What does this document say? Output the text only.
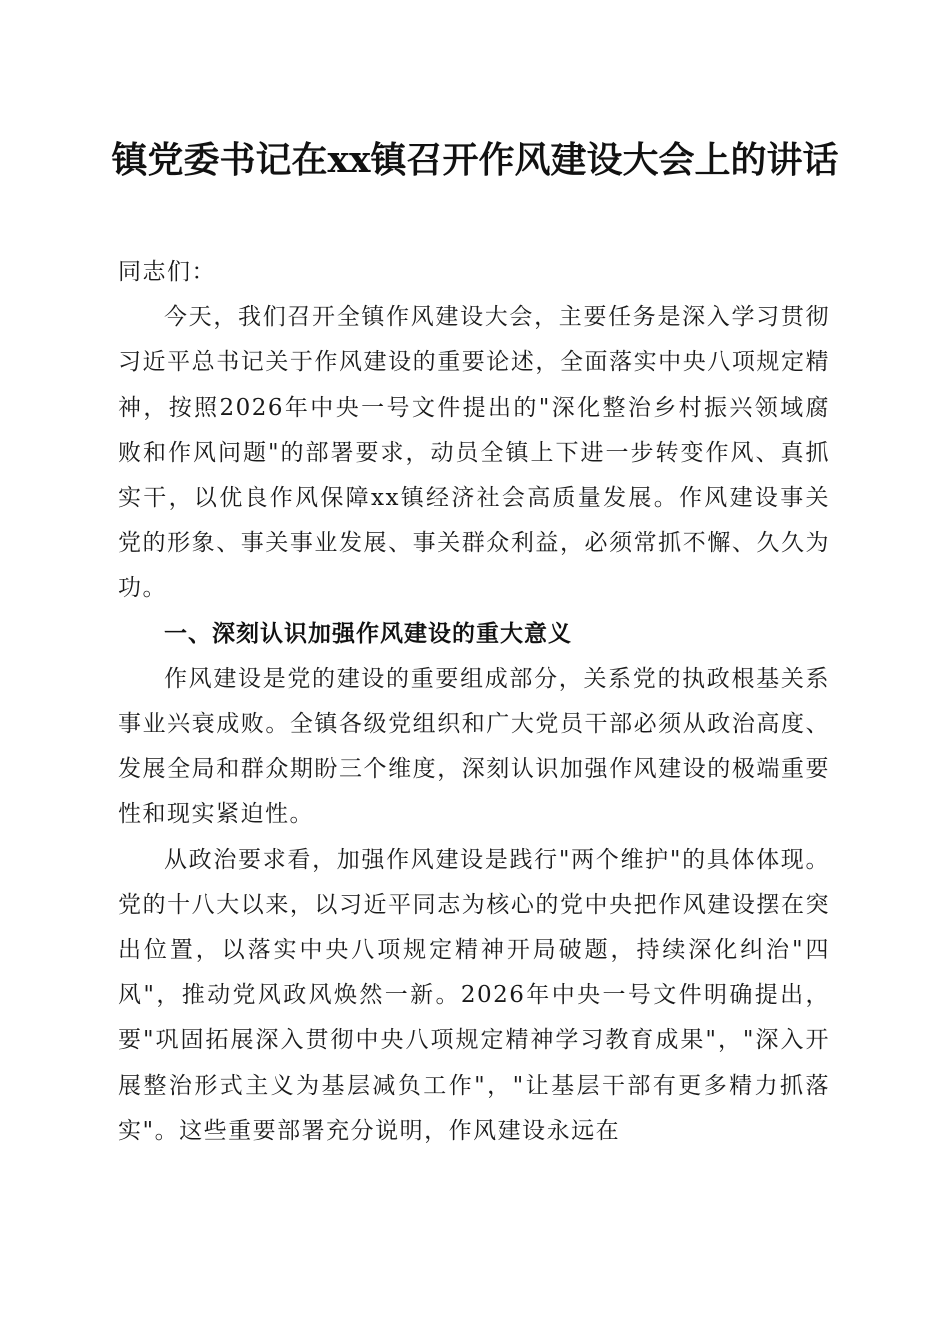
镇党委书记在xx镇召开作风建设大会上的讲话

同志们：

今天，我们召开全镇作风建设大会，主要任务是深入学习贯彻习近平总书记关于作风建设的重要论述，全面落实中央八项规定精神，按照2026年中央一号文件提出的"深化整治乡村振兴领域腐败和作风问题"的部署要求，动员全镇上下进一步转变作风、真抓实干，以优良作风保障xx镇经济社会高质量发展。作风建设事关党的形象、事关事业发展、事关群众利益，必须常抓不懈、久久为功。

一、深刻认识加强作风建设的重大意义

作风建设是党的建设的重要组成部分，关系党的执政根基关系事业兴衰成败。全镇各级党组织和广大党员干部必须从政治高度、发展全局和群众期盼三个维度，深刻认识加强作风建设的极端重要性和现实紧迫性。

从政治要求看，加强作风建设是践行"两个维护"的具体体现。党的十八大以来，以习近平同志为核心的党中央把作风建设摆在突出位置，以落实中央八项规定精神开局破题，持续深化纠治"四风"，推动党风政风焕然一新。2026年中央一号文件明确提出，要"巩固拓展深入贯彻中央八项规定精神学习教育成果"，"深入开展整治形式主义为基层减负工作"，"让基层干部有更多精力抓落实"。这些重要部署充分说明，作风建设永远在
